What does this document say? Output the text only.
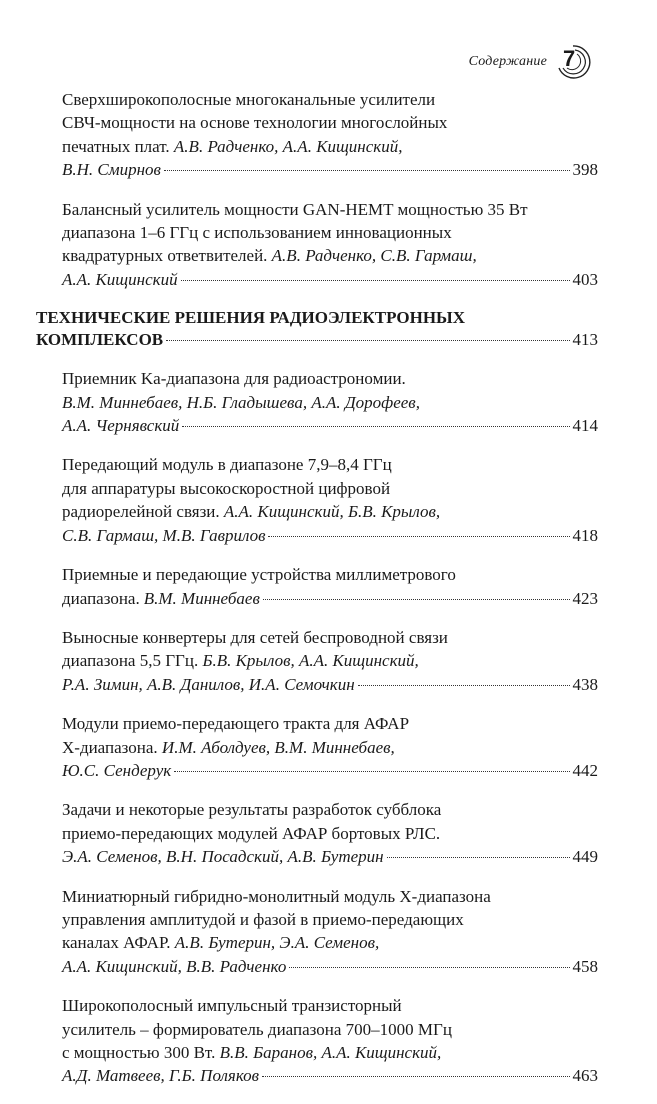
Содержание 7
Сверхширокополосные многоканальные усилители
СВЧ-мощности на основе технологии многослойных
печатных плат. А.В. Радченко, А.А. Кищинский,
В.Н. Смирнов	398
Балансный усилитель мощности GAN-HEMT мощностью 35 Вт
диапазона 1–6 ГГц с использованием инновационных
квадратурных ответвителей. А.В. Радченко, С.В. Гармаш,
А.А. Кищинский	403
ТЕХНИЧЕСКИЕ РЕШЕНИЯ РАДИОЭЛЕКТРОННЫХ
КОМПЛЕКСОВ	413
Приемник Ka-диапазона для радиоастрономии.
В.М. Миннебаев, Н.Б. Гладышева, А.А. Дорофеев,
А.А. Чернявский	414
Передающий модуль в диапазоне 7,9–8,4 ГГц
для аппаратуры высокоскоростной цифровой
радиорелейной связи. А.А. Кищинский, Б.В. Крылов,
С.В. Гармаш, М.В. Гаврилов	418
Приемные и передающие устройства миллиметрового
диапазона. В.М. Миннебаев	423
Выносные конвертеры для сетей беспроводной связи
диапазона 5,5 ГГц. Б.В. Крылов, А.А. Кищинский,
Р.А. Зимин, А.В. Данилов, И.А. Семочкин	438
Модули приемо-передающего тракта для АФАР
X-диапазона. И.М. Аболдуев, В.М. Миннебаев,
Ю.С. Сендерук	442
Задачи и некоторые результаты разработок субблока
приемо-передающих модулей АФАР бортовых РЛС.
Э.А. Семенов, В.Н. Посадский, А.В. Бутерин	449
Миниатюрный гибридно-монолитный модуль X-диапазона
управления амплитудой и фазой в приемо-передающих
каналах АФАР. А.В. Бутерин, Э.А. Семенов,
А.А. Кищинский, В.В. Радченко	458
Широкополосный импульсный транзисторный
усилитель – формирователь диапазона 700–1000 МГц
с мощностью 300 Вт. В.В. Баранов, А.А. Кищинский,
А.Д. Матвеев, Г.Б. Поляков	463
